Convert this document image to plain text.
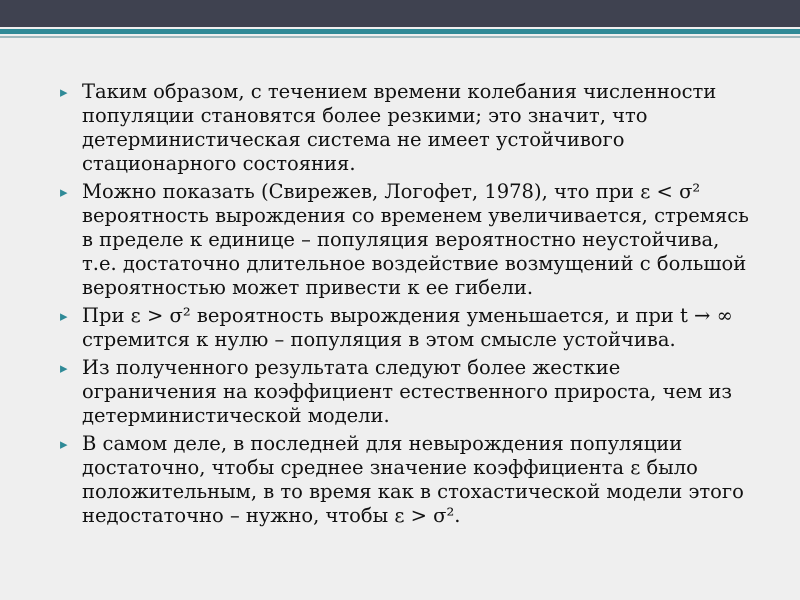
▸ Таким образом, с течением времени колебания численности популяции становятся более резкими; это значит, что детерминистическая система не имеет устойчивого стационарного состояния.
▸ Можно показать (Свирежев, Логофет, 1978), что при ε < σ² вероятность вырождения со временем увеличивается, стремясь в пределе к единице – популяция вероятностно неустойчива, т.е. достаточно длительное воздействие возмущений с большой вероятностью может привести к ее гибели.
▸ При ε > σ² вероятность вырождения уменьшается, и при t → ∞ стремится к нулю – популяция в этом смысле устойчива.
▸ Из полученного результата следуют более жесткие ограничения на коэффициент естественного прироста, чем из детерминистической модели.
▸ В самом деле, в последней для невырождения популяции достаточно, чтобы среднее значение коэффициента ε было положительным, в то время как в стохастической модели этого недостаточно – нужно, чтобы ε > σ².
